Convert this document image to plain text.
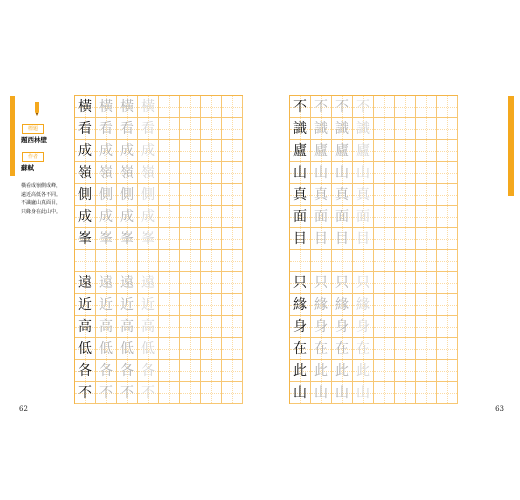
標題
題西林壁
作者
蘇軾
橫看成嶺側成峰，
遠近高低各不同。
不識廬山真面目，
只緣身在此山中。
橫 橫 橫 橫
看 看 看 看
成 成 成 成
嶺 嶺 嶺 嶺
側 側 側 側
成 成 成 成
峯 峯 峯 峯
遠 遠 遠 遠
近 近 近 近
高 高 高 高
低 低 低 低
各 各 各 各
不 不 不 不
62
不 不 不 不
識 識 識 識
廬 廬 廬 廬
山 山 山 山
真 真 真 真
面 面 面 面
目 目 目 目
只 只 只 只
緣 緣 緣 緣
身 身 身 身
在 在 在 在
此 此 此 此
山 山 山 山
63
